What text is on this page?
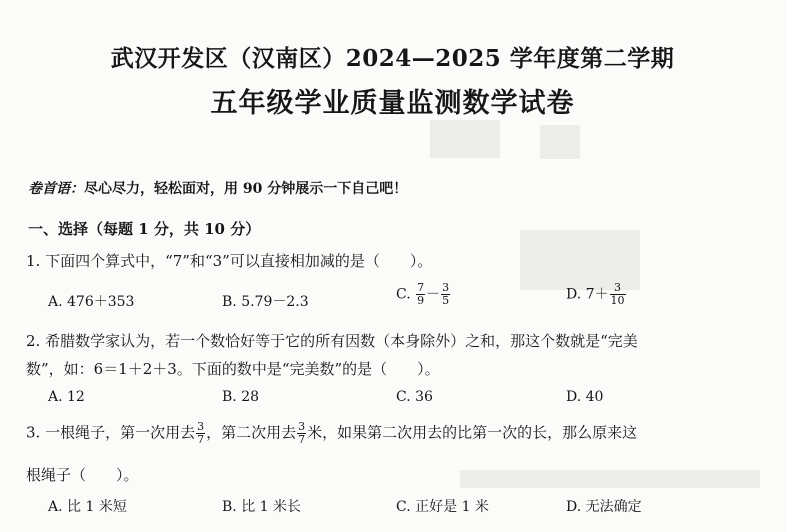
武汉开发区（汉南区）2024—2025 学年度第二学期
五年级学业质量监测数学试卷
卷首语：尽心尽力，轻松面对，用 90 分钟展示一下自己吧！
一、选择（每题 1 分，共 10 分）
1. 下面四个算式中，“7”和“3”可以直接相加减的是（　　）。
A. 476＋353	B. 5.79－2.3	C. $\frac{7}{9} - \frac{3}{5}$	D. $7+ \frac{3}{10}$
2. 希腊数学家认为，若一个数恰好等于它的所有因数（本身除外）之和，那这个数就是“完美
数”，如：6＝1＋2＋3。下面的数中是“完美数”的是（　　）。
A. 12	B. 28	C. 36	D. 40
3. 一根绳子，第一次用去 $\frac{3}{7}$ ，第二次用去 $\frac{3}{7}$ 米，如果第二次用去的比第一次的长，那么原来这
根绳子（　　）。
A. 比 1 米短	B. 比 1 米长	C. 正好是 1 米	D. 无法确定
